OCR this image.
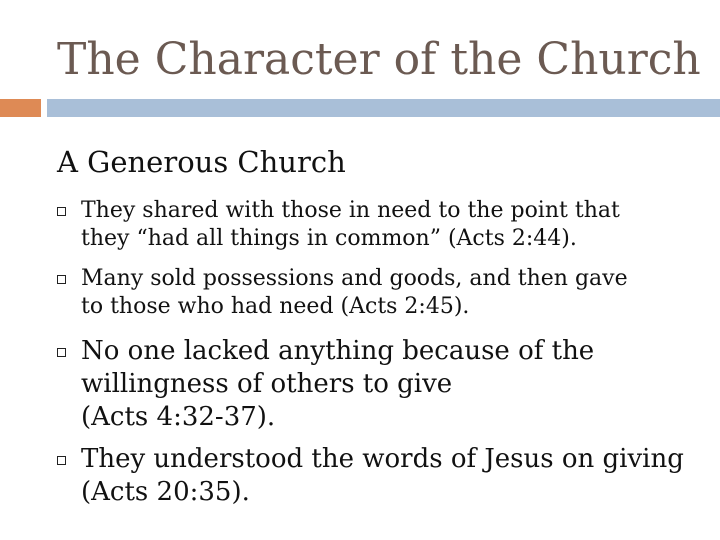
The Character of the Church
A Generous Church
They shared with those in need to the point that
they “had all things in common” (Acts 2:44).
Many sold possessions and goods, and then gave
to those who had need (Acts 2:45).
No one lacked anything because of the
willingness of others to give
(Acts 4:32-37).
They understood the words of Jesus on giving
(Acts 20:35).
